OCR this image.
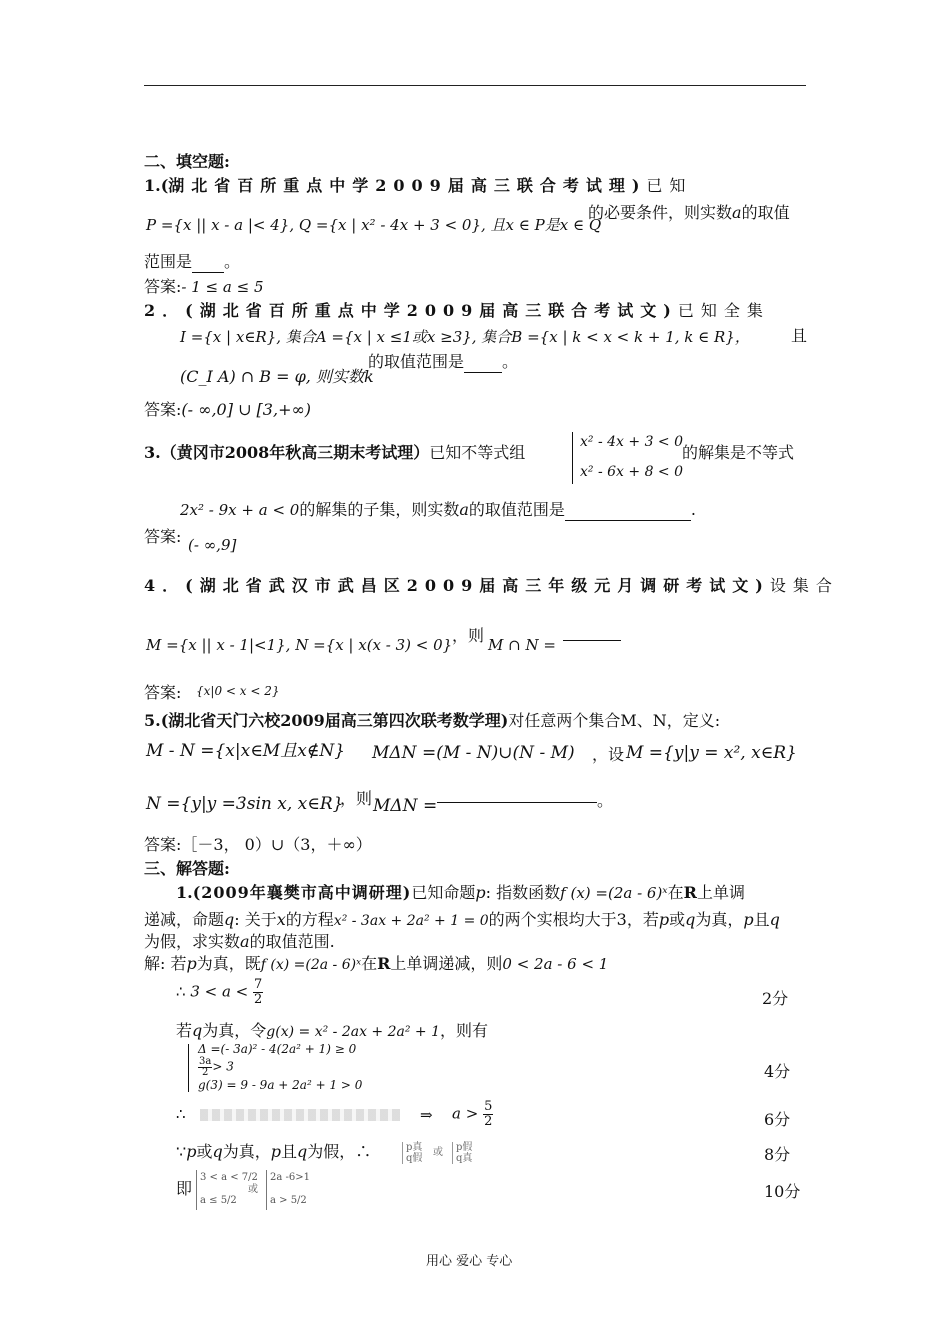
二、填空题:
1.(湖北省百所重点中学2009届高三联合考试理)已知
P ={x || x - a |< 4}, Q ={x | x² - 4x + 3 < 0}, 且x ∈ P是x ∈ Q
的必要条件，则实数a的取值
范围是 。
答案:- 1 ≤ a ≤ 5
2．(湖北省百所重点中学2009届高三联合考试文)已知全集
I ={x | x∈R}, 集合A ={x | x ≤1或x ≥3}, 集合B ={x | k < x < k + 1, k ∈ R}，	且
(C_I A) ∩ B = φ, 则实数k
的取值范围是 。
答案:(- ∞,0] ∪ [3,+∞)
3.（黄冈市2008年秋高三期末考试理）已知不等式组
x² - 4x + 3 < 0
x² - 6x + 8 < 0
的解集是不等式
2x² - 9x + a < 0的解集的子集，则实数a的取值范围是	.
答案: (- ∞,9]
4．(湖北省武汉市武昌区2009届高三年级元月调研考试文)设集合
M ={x || x - 1|<1}, N ={x | x(x - 3) < 0} ，则 M ∩ N =
答案: {x|0 < x < 2}
5.(湖北省天门六校2009届高三第四次联考数学理)对任意两个集合M、N，定义:
M - N ={x|x∈M且x∉N} MΔN =(M - N)∪(N - M) ，设 M ={y|y = x², x∈R}
N ={y|y =3sin x, x∈R}
，则 MΔN =	。
答案:［－3， 0）∪（3，＋∞）
三、解答题:
1.(2009年襄樊市高中调研理)已知命题p: 指数函数f (x) =(2a - 6)ˣ在R上单调
递减，命题q: 关于x的方程x² - 3ax + 2a² + 1 = 0的两个实根均大于3，若p或q为真，p且q
为假，求实数a的取值范围.
解: 若p为真，既f (x) =(2a - 6)ˣ在R上单调递减，则0 < 2a - 6 < 1
∴ $3 < a < \frac{7}{2}$	2分
若q为真，令g(x) = x² - 2ax + 2a² + 1，则有
Δ =(- 3a)² - 4(2a² + 1) ≥ 0
$\frac{3a}{2} > 3$
g(3) = 9 - 9a + 2a² + 1 > 0
4分
∴	⇒ $a > \frac{5}{2}$	6分
∵p或q为真，p且q为假，∴	p真
q假
或 p假
q真	8分
即
3 < a < 7/2
a ≤ 5/2
或
2a -6>1
a > 5/2	10分
用心 爱心 专心
